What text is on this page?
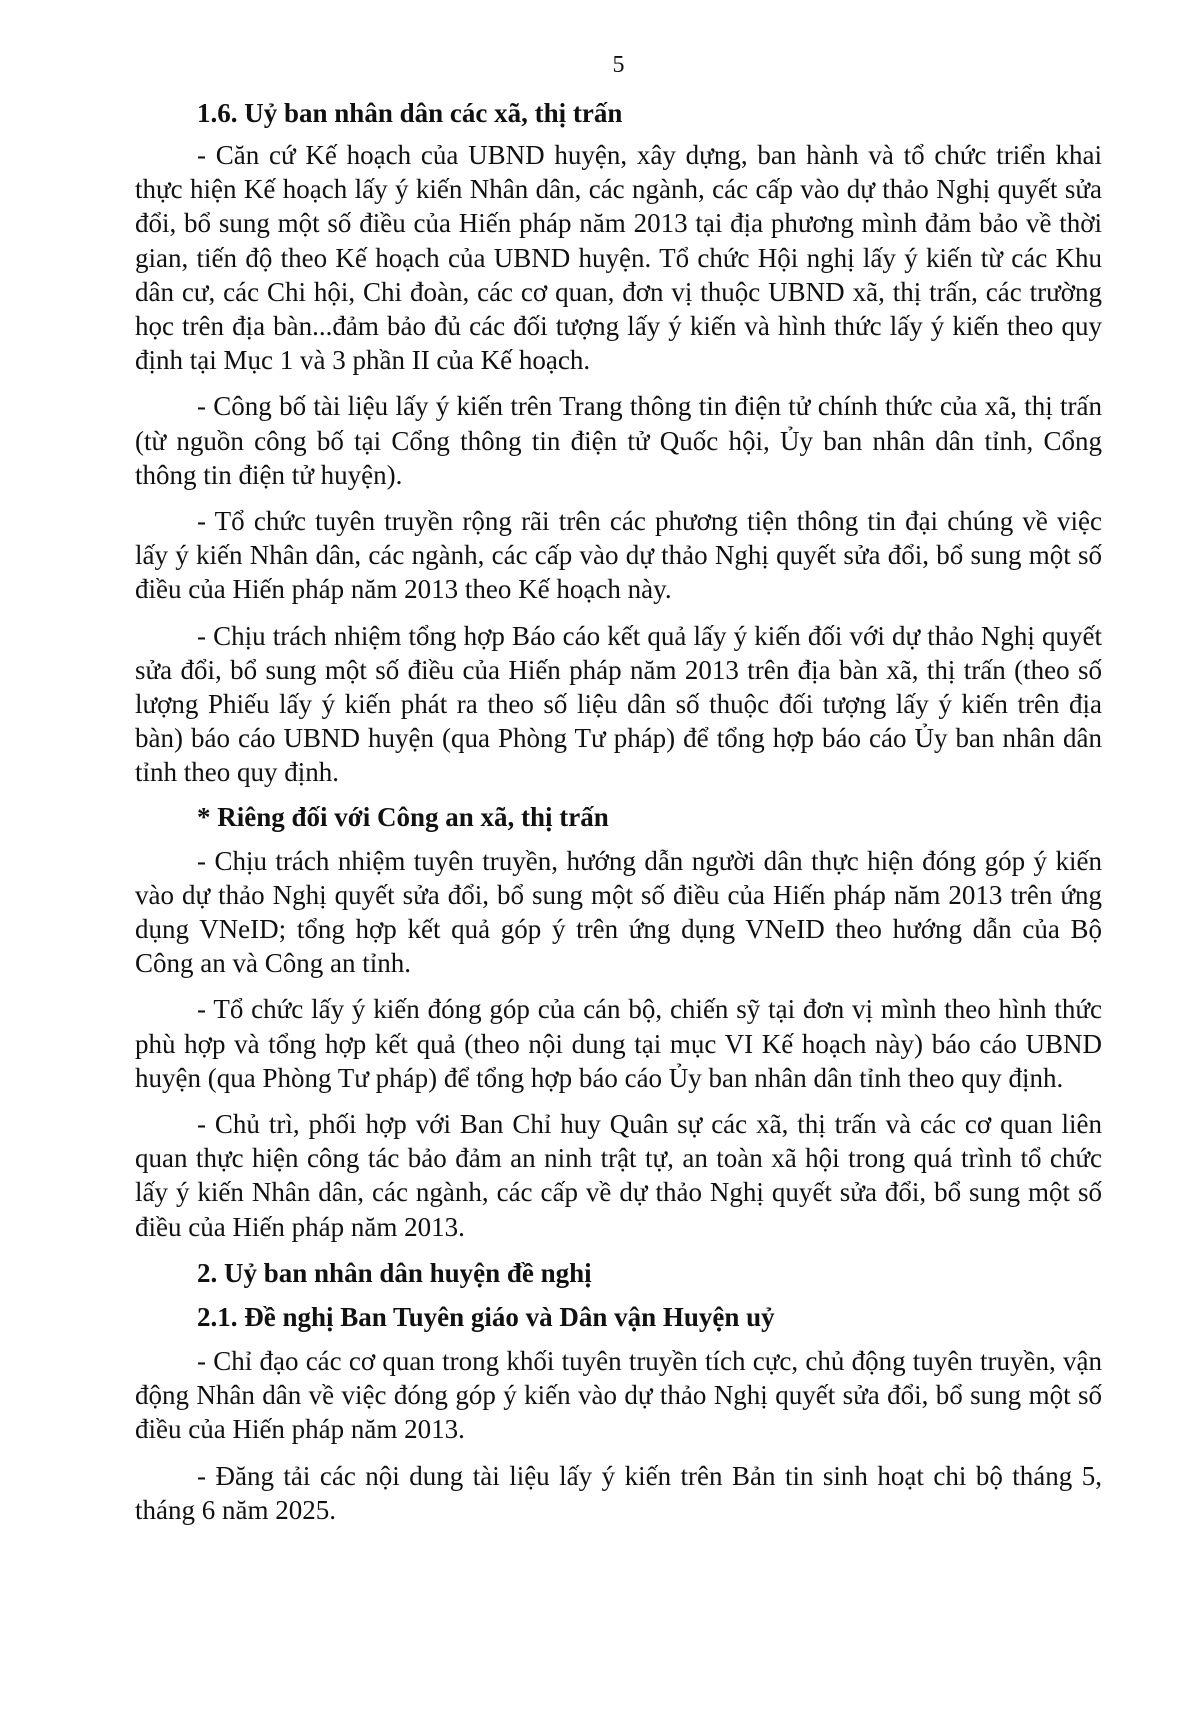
5

1.6. Uỷ ban nhân dân các xã, thị trấn

- Căn cứ Kế hoạch của UBND huyện, xây dựng, ban hành và tổ chức triển khai thực hiện Kế hoạch lấy ý kiến Nhân dân, các ngành, các cấp vào dự thảo Nghị quyết sửa đổi, bổ sung một số điều của Hiến pháp năm 2013 tại địa phương mình đảm bảo về thời gian, tiến độ theo Kế hoạch của UBND huyện. Tổ chức Hội nghị lấy ý kiến từ các Khu dân cư, các Chi hội, Chi đoàn, các cơ quan, đơn vị thuộc UBND xã, thị trấn, các trường học trên địa bàn...đảm bảo đủ các đối tượng lấy ý kiến và hình thức lấy ý kiến theo quy định tại Mục 1 và 3 phần II của Kế hoạch.

- Công bố tài liệu lấy ý kiến trên Trang thông tin điện tử chính thức của xã, thị trấn (từ nguồn công bố tại Cổng thông tin điện tử Quốc hội, Ủy ban nhân dân tỉnh, Cổng thông tin điện tử huyện).

- Tổ chức tuyên truyền rộng rãi trên các phương tiện thông tin đại chúng về việc lấy ý kiến Nhân dân, các ngành, các cấp vào dự thảo Nghị quyết sửa đổi, bổ sung một số điều của Hiến pháp năm 2013 theo Kế hoạch này.

- Chịu trách nhiệm tổng hợp Báo cáo kết quả lấy ý kiến đối với dự thảo Nghị quyết sửa đổi, bổ sung một số điều của Hiến pháp năm 2013 trên địa bàn xã, thị trấn (theo số lượng Phiếu lấy ý kiến phát ra theo số liệu dân số thuộc đối tượng lấy ý kiến trên địa bàn) báo cáo UBND huyện (qua Phòng Tư pháp) để tổng hợp báo cáo Ủy ban nhân dân tỉnh theo quy định.

* Riêng đối với Công an xã, thị trấn

- Chịu trách nhiệm tuyên truyền, hướng dẫn người dân thực hiện đóng góp ý kiến vào dự thảo Nghị quyết sửa đổi, bổ sung một số điều của Hiến pháp năm 2013 trên ứng dụng VNeID; tổng hợp kết quả góp ý trên ứng dụng VNeID theo hướng dẫn của Bộ Công an và Công an tỉnh.

- Tổ chức lấy ý kiến đóng góp của cán bộ, chiến sỹ tại đơn vị mình theo hình thức phù hợp và tổng hợp kết quả (theo nội dung tại mục VI Kế hoạch này) báo cáo UBND huyện (qua Phòng Tư pháp) để tổng hợp báo cáo Ủy ban nhân dân tỉnh theo quy định.

- Chủ trì, phối hợp với Ban Chỉ huy Quân sự các xã, thị trấn và các cơ quan liên quan thực hiện công tác bảo đảm an ninh trật tự, an toàn xã hội trong quá trình tổ chức lấy ý kiến Nhân dân, các ngành, các cấp về dự thảo Nghị quyết sửa đổi, bổ sung một số điều của Hiến pháp năm 2013.

2. Uỷ ban nhân dân huyện đề nghị

2.1. Đề nghị Ban Tuyên giáo và Dân vận Huyện uỷ

- Chỉ đạo các cơ quan trong khối tuyên truyền tích cực, chủ động tuyên truyền, vận động Nhân dân về việc đóng góp ý kiến vào dự thảo Nghị quyết sửa đổi, bổ sung một số điều của Hiến pháp năm 2013.

- Đăng tải các nội dung tài liệu lấy ý kiến trên Bản tin sinh hoạt chi bộ tháng 5, tháng 6 năm 2025.
